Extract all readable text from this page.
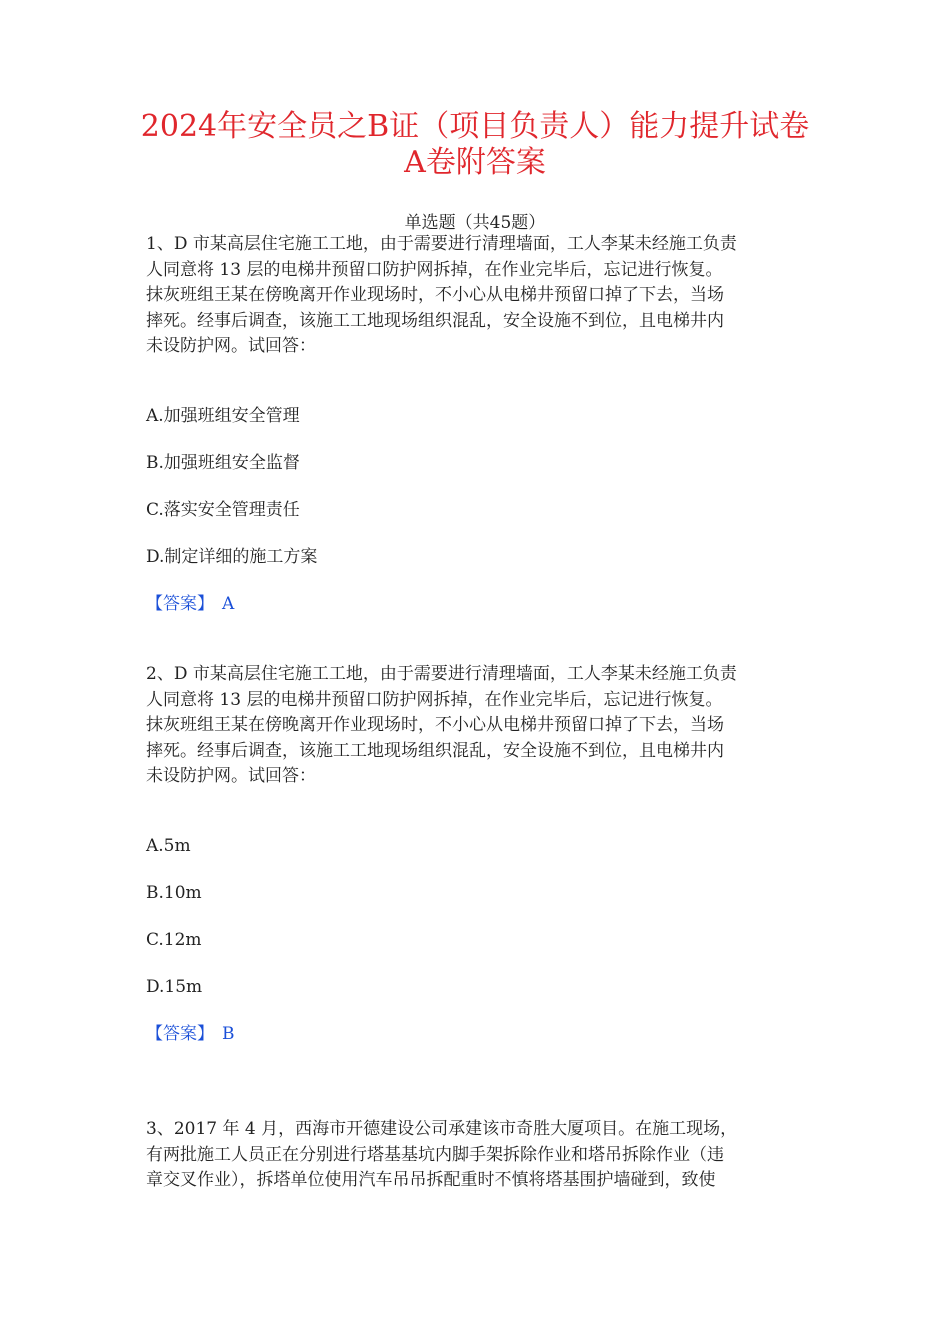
2024年安全员之B证（项目负责人）能力提升试卷
A卷附答案
单选题（共45题）
1、D 市某高层住宅施工工地，由于需要进行清理墙面，工人李某未经施工负责
人同意将 13 层的电梯井预留口防护网拆掉，在作业完毕后，忘记进行恢复。
抹灰班组王某在傍晚离开作业现场时，不小心从电梯井预留口掉了下去，当场
摔死。经事后调查，该施工工地现场组织混乱，安全设施不到位，且电梯井内
未设防护网。试回答：
A.加强班组安全管理
B.加强班组安全监督
C.落实安全管理责任
D.制定详细的施工方案
【答案】 A
2、D 市某高层住宅施工工地，由于需要进行清理墙面，工人李某未经施工负责
人同意将 13 层的电梯井预留口防护网拆掉，在作业完毕后，忘记进行恢复。
抹灰班组王某在傍晚离开作业现场时，不小心从电梯井预留口掉了下去，当场
摔死。经事后调查，该施工工地现场组织混乱，安全设施不到位，且电梯井内
未设防护网。试回答：
A.5m
B.10m
C.12m
D.15m
【答案】 B
3、2017 年 4 月，西海市开德建设公司承建该市奇胜大厦项目。在施工现场，
有两批施工人员正在分别进行塔基基坑内脚手架拆除作业和塔吊拆除作业（违
章交叉作业），拆塔单位使用汽车吊吊拆配重时不慎将塔基围护墙碰到，致使
